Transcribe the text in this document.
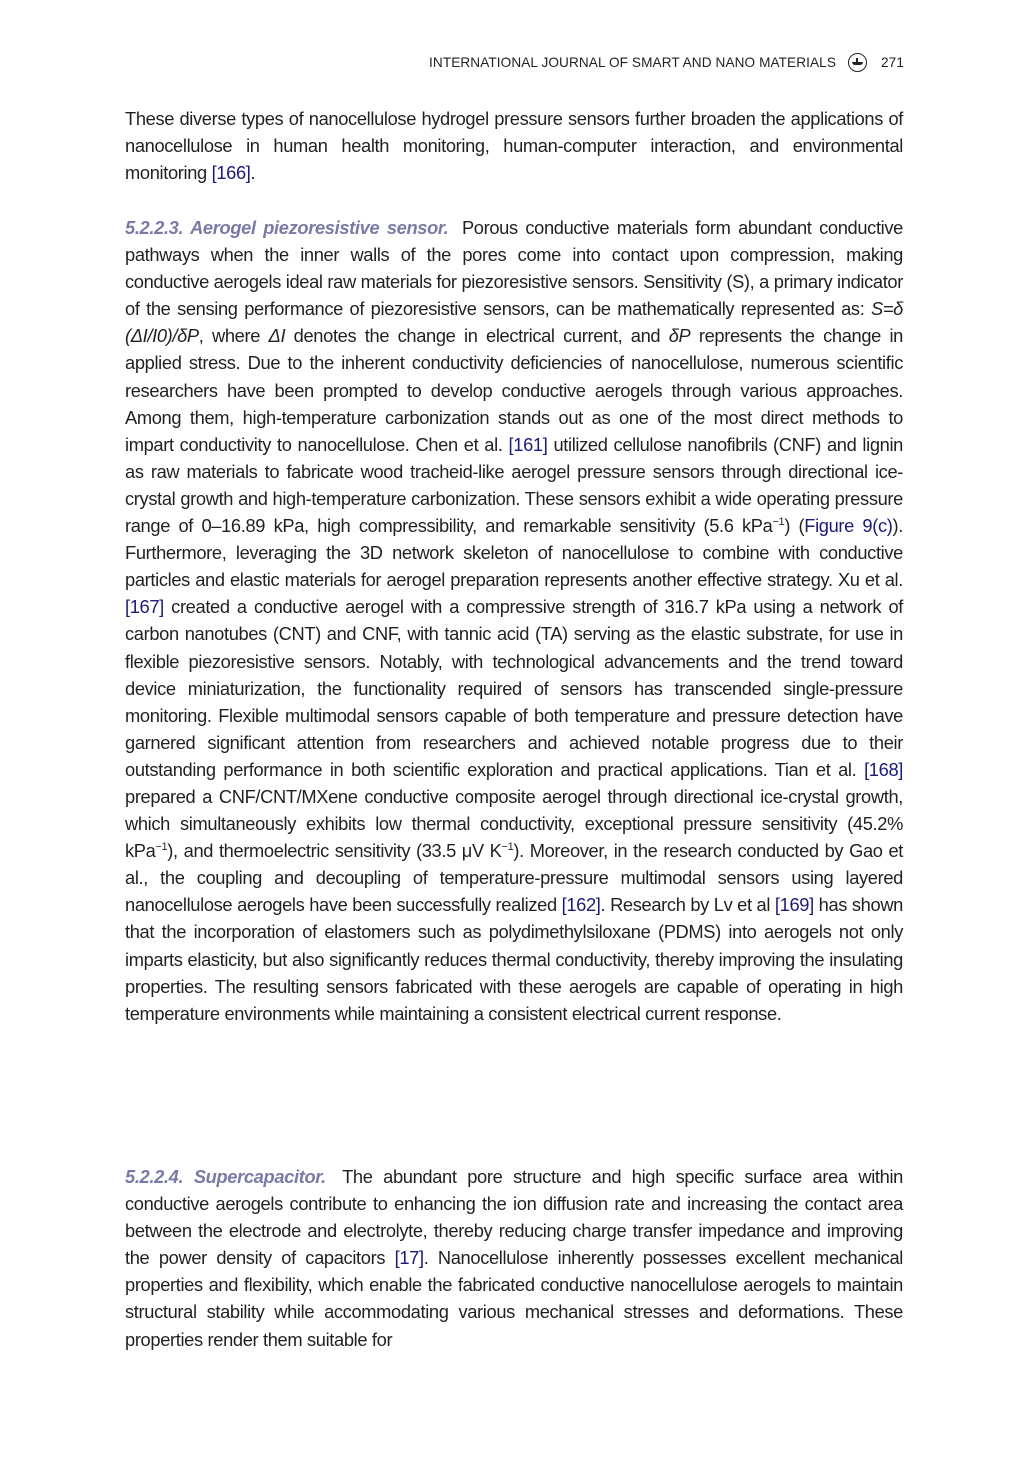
INTERNATIONAL JOURNAL OF SMART AND NANO MATERIALS	271

These diverse types of nanocellulose hydrogel pressure sensors further broaden the applications of nanocellulose in human health monitoring, human-computer interaction, and environmental monitoring [166].

5.2.2.3. Aerogel piezoresistive sensor. Porous conductive materials form abundant conductive pathways when the inner walls of the pores come into contact upon compression, making conductive aerogels ideal raw materials for piezoresistive sensors. Sensitivity (S), a primary indicator of the sensing performance of piezoresistive sensors, can be mathematically represented as: S=δ (ΔI/I0)/δP, where ΔI denotes the change in electrical current, and δP represents the change in applied stress. Due to the inherent conductivity deficiencies of nanocellulose, numerous scientific researchers have been prompted to develop conductive aerogels through various approaches. Among them, high-temperature carbonization stands out as one of the most direct methods to impart conductivity to nanocellulose. Chen et al. [161] utilized cellulose nanofibrils (CNF) and lignin as raw materials to fabricate wood tracheid-like aerogel pressure sensors through directional ice-crystal growth and high-temperature carbonization. These sensors exhibit a wide operating pressure range of 0–16.89 kPa, high compressibility, and remarkable sensitivity (5.6 kPa$^{-1}$) (Figure 9(c)). Furthermore, leveraging the 3D network skeleton of nanocellulose to combine with conductive particles and elastic materials for aerogel preparation represents another effective strategy. Xu et al. [167] created a conductive aerogel with a compressive strength of 316.7 kPa using a network of carbon nanotubes (CNT) and CNF, with tannic acid (TA) serving as the elastic substrate, for use in flexible piezoresistive sensors. Notably, with technological advancements and the trend toward device miniaturization, the functionality required of sensors has transcended single-pressure monitoring. Flexible multimodal sensors capable of both temperature and pressure detection have garnered significant attention from researchers and achieved notable progress due to their outstanding performance in both scientific exploration and practical applications. Tian et al. [168] prepared a CNF/CNT/MXene conductive composite aerogel through directional ice-crystal growth, which simultaneously exhibits low thermal conductivity, exceptional pressure sensitivity (45.2% kPa$^{-1}$), and thermoelectric sensitivity (33.5 μV $K^{-1}$). Moreover, in the research conducted by Gao et al., the coupling and decoupling of temperature-pressure multimodal sensors using layered nanocellulose aerogels have been successfully realized [162]. Research by Lv et al [169] has shown that the incorporation of elastomers such as polydimethylsiloxane (PDMS) into aerogels not only imparts elasticity, but also significantly reduces thermal conductivity, thereby improving the insulating properties. The resulting sensors fabricated with these aerogels are capable of operating in high temperature environments while maintaining a consistent electrical current response.

5.2.2.4. Supercapacitor. The abundant pore structure and high specific surface area within conductive aerogels contribute to enhancing the ion diffusion rate and increasing the contact area between the electrode and electrolyte, thereby reducing charge transfer impedance and improving the power density of capacitors [17]. Nanocellulose inherently possesses excellent mechanical properties and flexibility, which enable the fabricated conductive nanocellulose aerogels to maintain structural stability while accommodating various mechanical stresses and deformations. These properties render them suitable for
